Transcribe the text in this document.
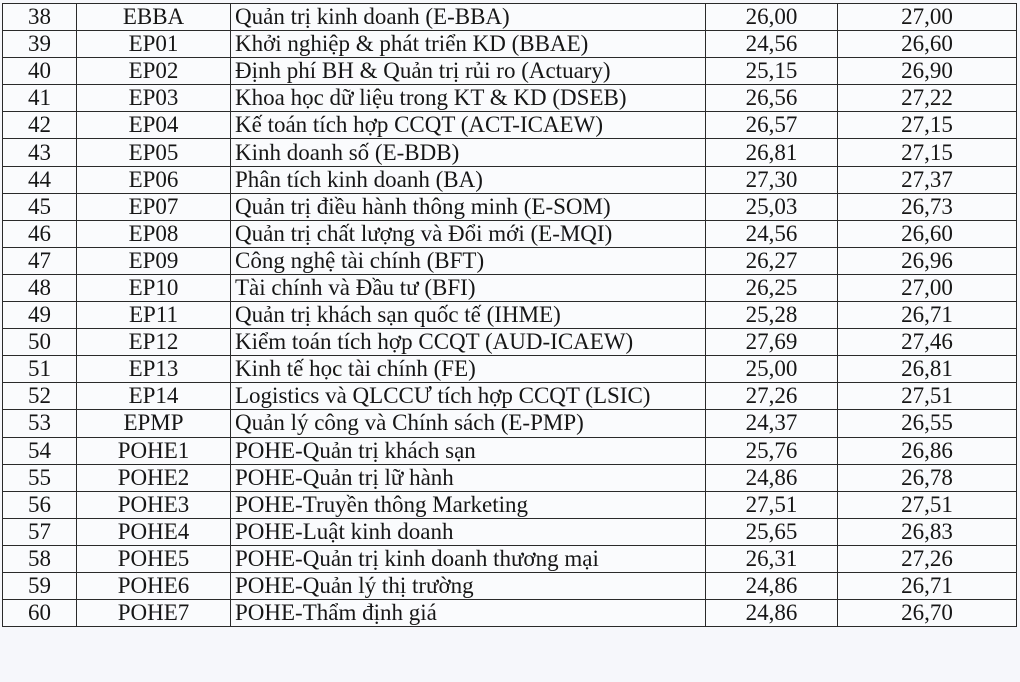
38	EBBA	Quản trị kinh doanh (E-BBA)	26,00	27,00
39	EP01	Khởi nghiệp & phát triển KD (BBAE)	24,56	26,60
40	EP02	Định phí BH & Quản trị rủi ro (Actuary)	25,15	26,90
41	EP03	Khoa học dữ liệu trong KT & KD (DSEB)	26,56	27,22
42	EP04	Kế toán tích hợp CCQT (ACT-ICAEW)	26,57	27,15
43	EP05	Kinh doanh số (E-BDB)	26,81	27,15
44	EP06	Phân tích kinh doanh (BA)	27,30	27,37
45	EP07	Quản trị điều hành thông minh (E-SOM)	25,03	26,73
46	EP08	Quản trị chất lượng và Đổi mới (E-MQI)	24,56	26,60
47	EP09	Công nghệ tài chính (BFT)	26,27	26,96
48	EP10	Tài chính và Đầu tư (BFI)	26,25	27,00
49	EP11	Quản trị khách sạn quốc tế (IHME)	25,28	26,71
50	EP12	Kiểm toán tích hợp CCQT (AUD-ICAEW)	27,69	27,46
51	EP13	Kinh tế học tài chính (FE)	25,00	26,81
52	EP14	Logistics và QLCCƯ tích hợp CCQT (LSIC)	27,26	27,51
53	EPMP	Quản lý công và Chính sách (E-PMP)	24,37	26,55
54	POHE1	POHE-Quản trị khách sạn	25,76	26,86
55	POHE2	POHE-Quản trị lữ hành	24,86	26,78
56	POHE3	POHE-Truyền thông Marketing	27,51	27,51
57	POHE4	POHE-Luật kinh doanh	25,65	26,83
58	POHE5	POHE-Quản trị kinh doanh thương mại	26,31	27,26
59	POHE6	POHE-Quản lý thị trường	24,86	26,71
60	POHE7	POHE-Thẩm định giá	24,86	26,70
